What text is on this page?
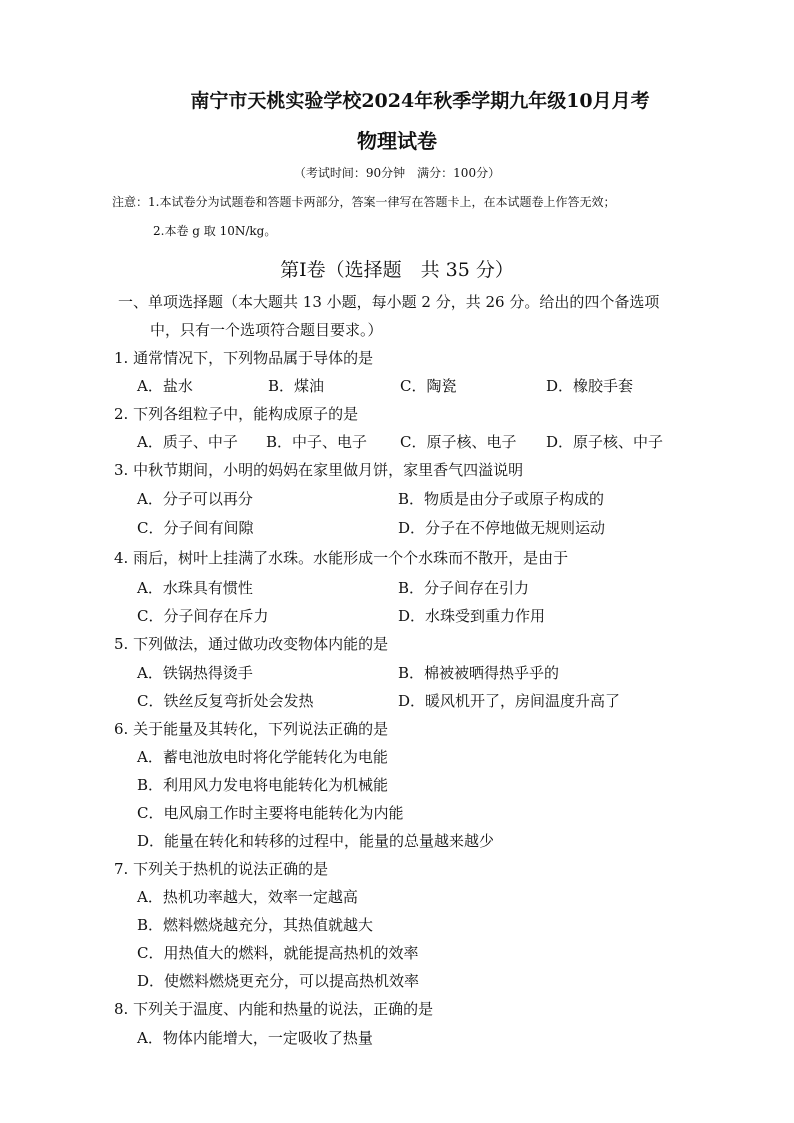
南宁市天桃实验学校2024年秋季学期九年级10月月考
物理试卷
（考试时间：90分钟　满分：100分）
注意：1.本试卷分为试题卷和答题卡两部分，答案一律写在答题卡上，在本试题卷上作答无效；
2.本卷 g 取 10N/kg。
第Ⅰ卷（选择题　共 35 分）
一、单项选择题（本大题共 13 小题，每小题 2 分，共 26 分。给出的四个备选项
中，只有一个选项符合题目要求。）
1. 通常情况下，下列物品属于导体的是
A．盐水	B．煤油	C．陶瓷	D．橡胶手套
2. 下列各组粒子中，能构成原子的是
A．质子、中子 B．中子、电子 C．原子核、电子 D．原子核、中子
3. 中秋节期间，小明的妈妈在家里做月饼，家里香气四溢说明
A．分子可以再分	B．物质是由分子或原子构成的
C．分子间有间隙	D．分子在不停地做无规则运动
4. 雨后，树叶上挂满了水珠。水能形成一个个水珠而不散开，是由于
A．水珠具有惯性	B．分子间存在引力
C．分子间存在斥力	D．水珠受到重力作用
5. 下列做法，通过做功改变物体内能的是
A．铁锅热得烫手	B．棉被被晒得热乎乎的
C．铁丝反复弯折处会发热	D．暖风机开了，房间温度升高了
6. 关于能量及其转化，下列说法正确的是
A．蓄电池放电时将化学能转化为电能
B．利用风力发电将电能转化为机械能
C．电风扇工作时主要将电能转化为内能
D．能量在转化和转移的过程中，能量的总量越来越少
7. 下列关于热机的说法正确的是
A．热机功率越大，效率一定越高
B．燃料燃烧越充分，其热值就越大
C．用热值大的燃料，就能提高热机的效率
D．使燃料燃烧更充分，可以提高热机效率
8. 下列关于温度、内能和热量的说法，正确的是
A．物体内能增大，一定吸收了热量
